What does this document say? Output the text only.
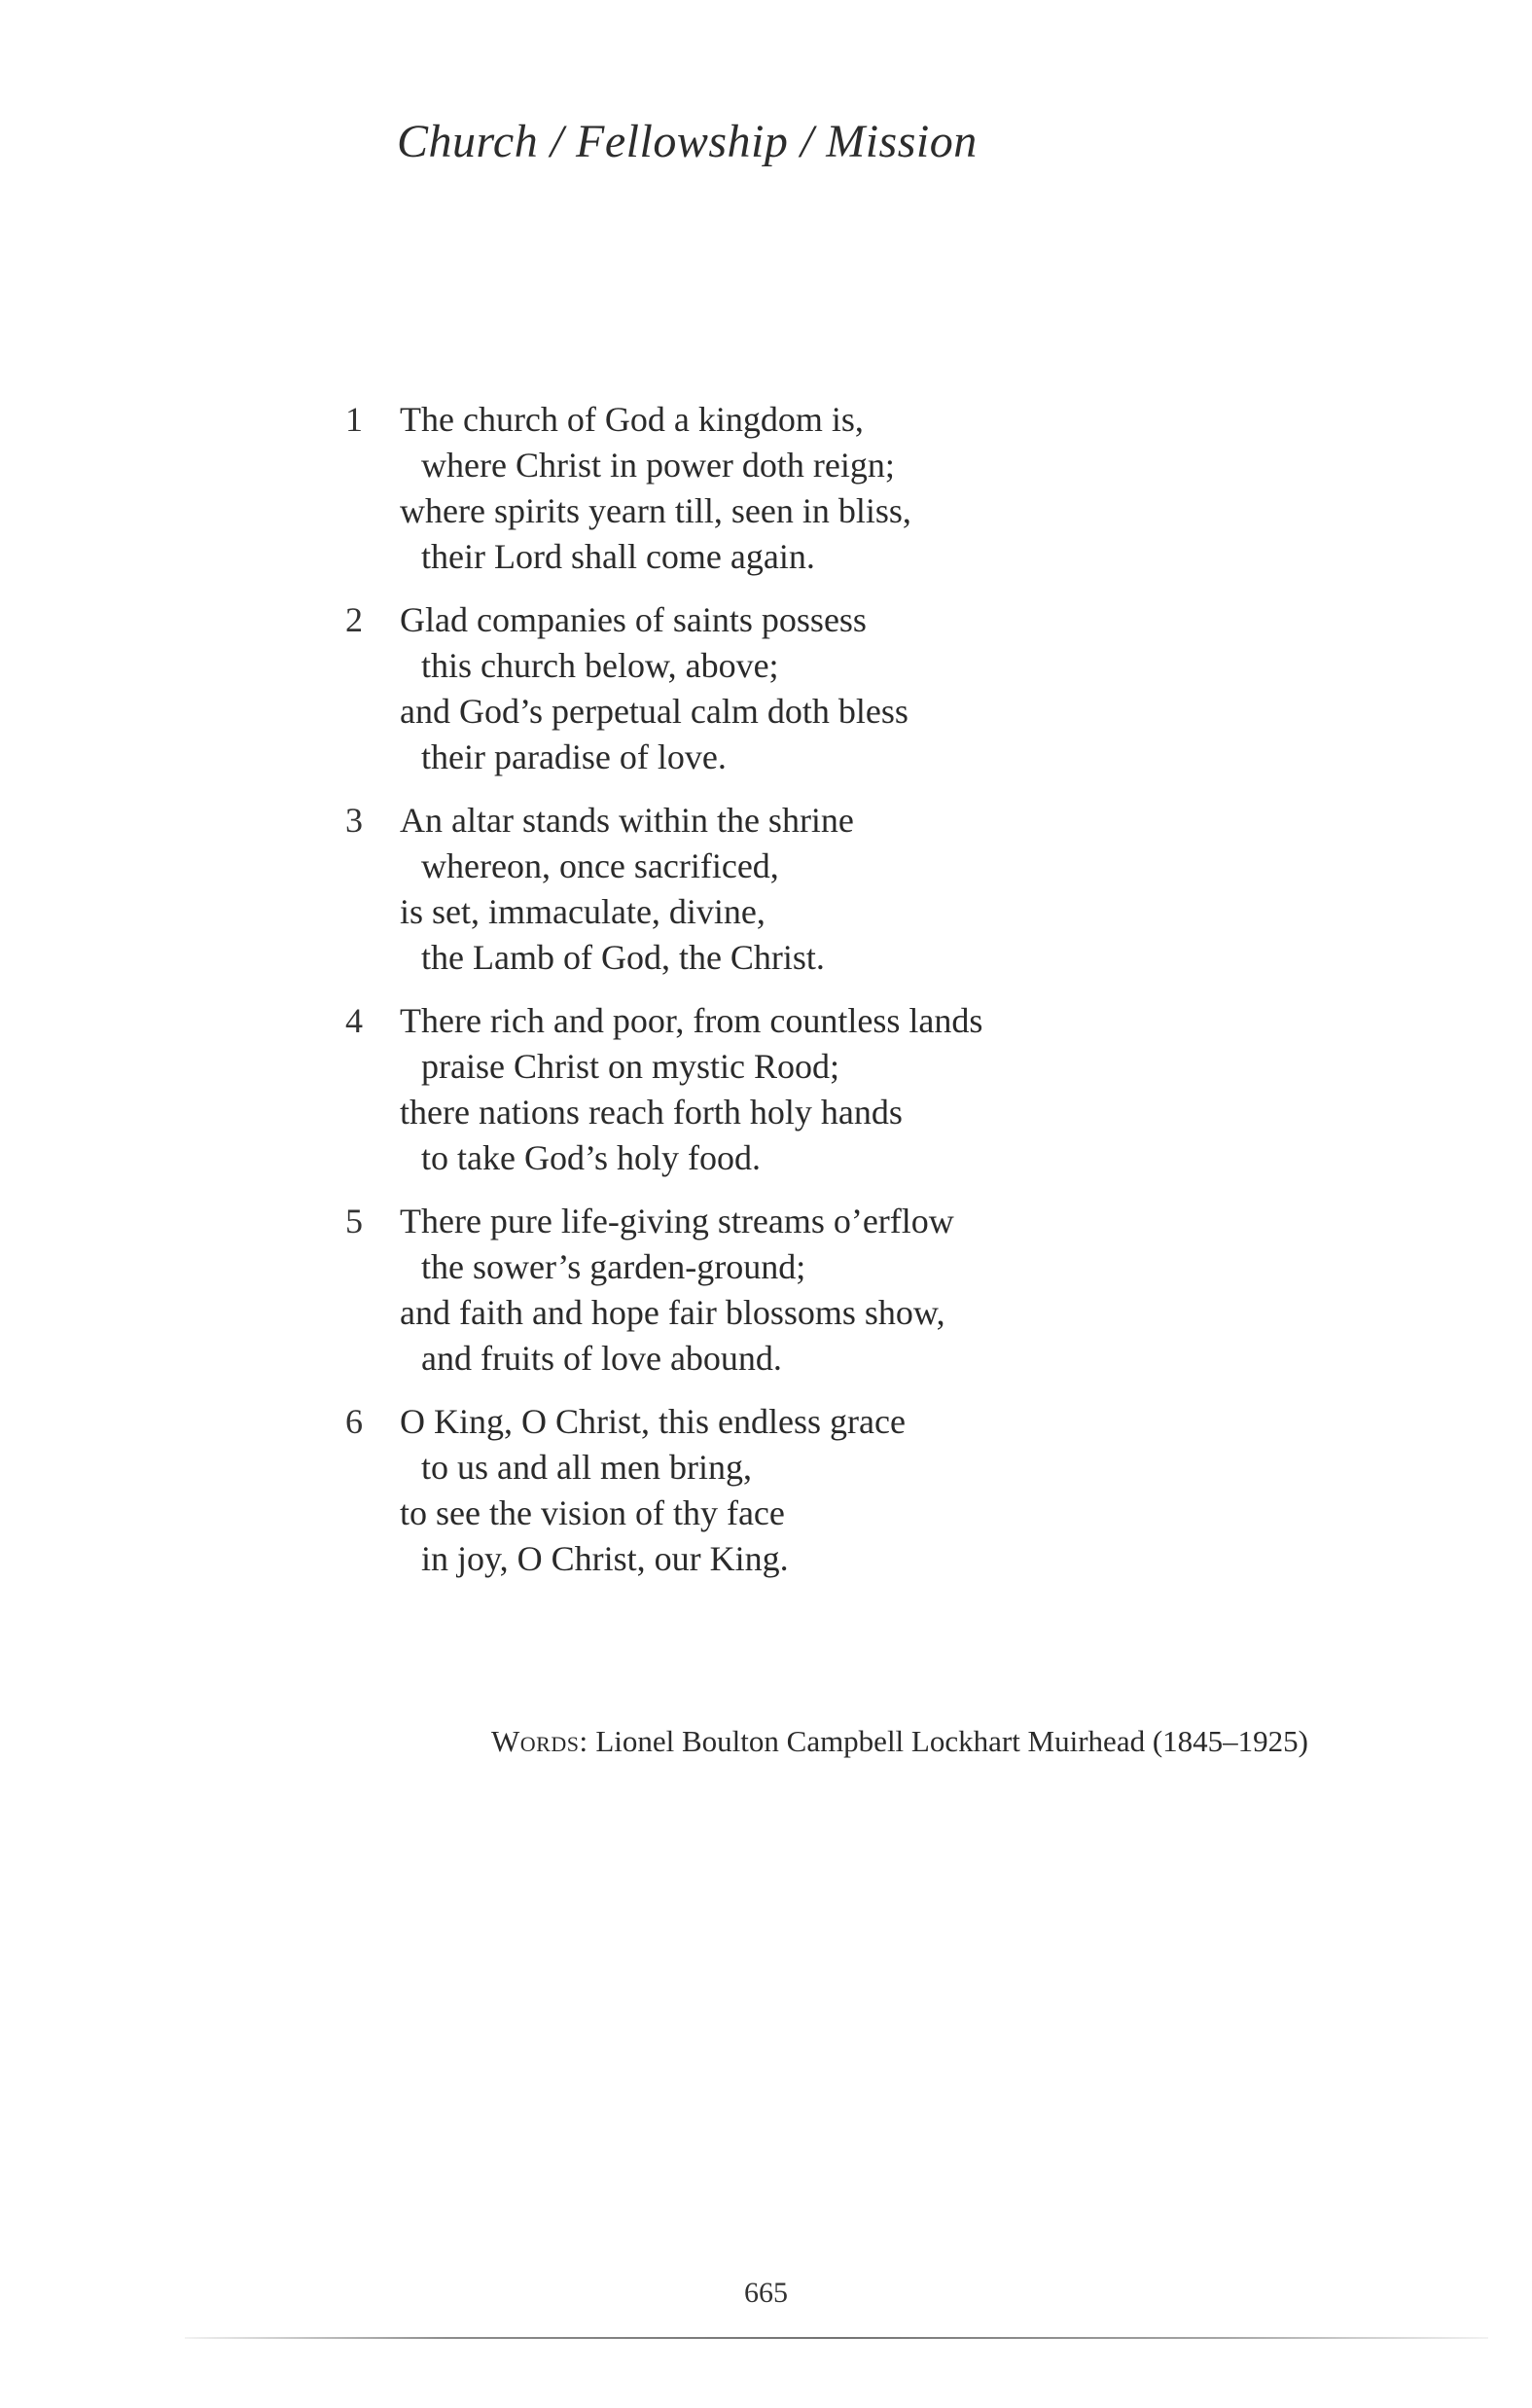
Church / Fellowship / Mission
1	The church of God a kingdom is,
where Christ in power doth reign;
where spirits yearn till, seen in bliss,
their Lord shall come again.
2	Glad companies of saints possess
this church below, above;
and God’s perpetual calm doth bless
their paradise of love.
3	An altar stands within the shrine
whereon, once sacrificed,
is set, immaculate, divine,
the Lamb of God, the Christ.
4	There rich and poor, from countless lands
praise Christ on mystic Rood;
there nations reach forth holy hands
to take God’s holy food.
5	There pure life-giving streams o’erflow
the sower’s garden-ground;
and faith and hope fair blossoms show,
and fruits of love abound.
6	O King, O Christ, this endless grace
to us and all men bring,
to see the vision of thy face
in joy, O Christ, our King.
Words: Lionel Boulton Campbell Lockhart Muirhead (1845–1925)
665
